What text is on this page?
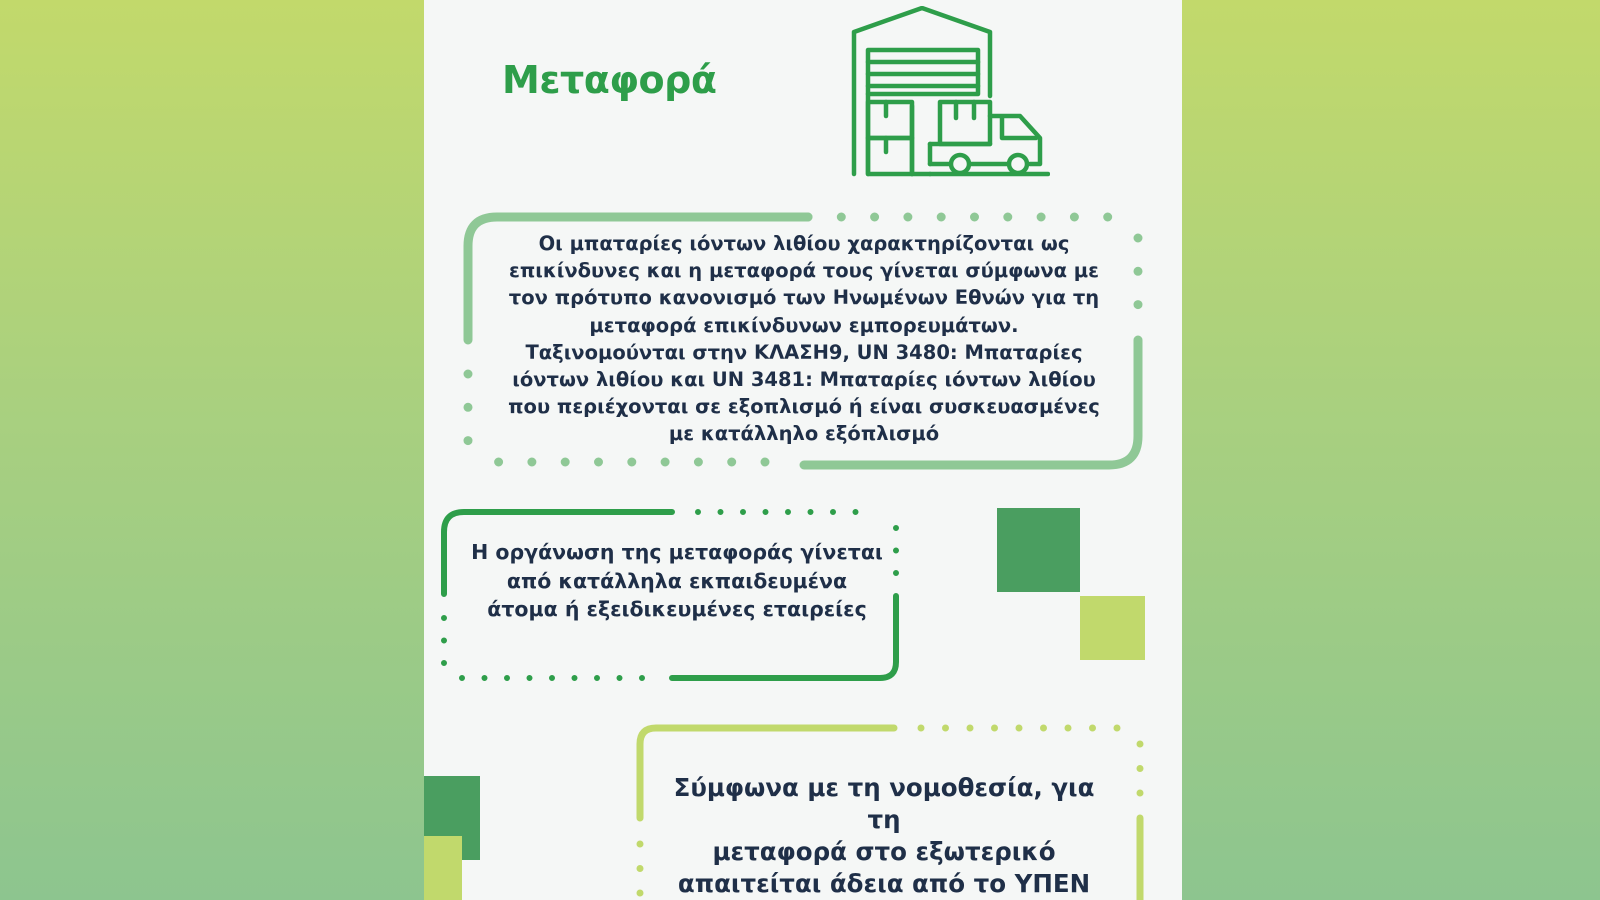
Μεταφορά

Οι μπαταρίες ιόντων λιθίου χαρακτηρίζονται ως
επικίνδυνες και η μεταφορά τους γίνεται σύμφωνα με
τον πρότυπο κανονισμό των Ηνωμένων Εθνών για τη
μεταφορά επικίνδυνων εμπορευμάτων.
Ταξινομούνται στην ΚΛΑΣΗ9, UN 3480: Μπαταρίες
ιόντων λιθίου και UN 3481: Μπαταρίες ιόντων λιθίου
που περιέχονται σε εξοπλισμό ή είναι συσκευασμένες
με κατάλληλο εξόπλισμό

Η οργάνωση της μεταφοράς γίνεται
από κατάλληλα εκπαιδευμένα
άτομα ή εξειδικευμένες εταιρείες

Σύμφωνα με τη νομοθεσία, για τη
μεταφορά στο εξωτερικό
απαιτείται άδεια από το ΥΠΕΝ
